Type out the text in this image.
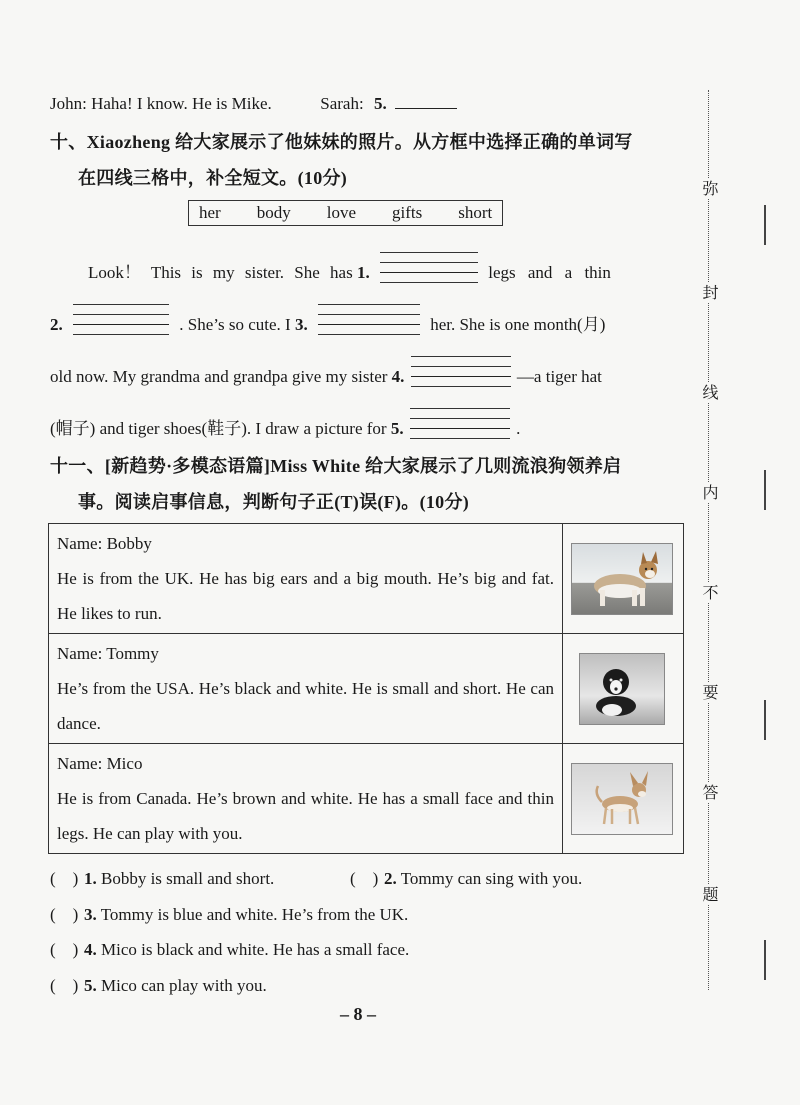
John: Haha! I know. He is Mike.	Sarah: 5.
十、Xiaozheng 给大家展示了他妹妹的照片。从方框中选择正确的单词写
在四线三格中，补全短文。(10分)
her body love gifts short
Look！ This is my sister. She has 1.	legs and a thin
2.	. She’s so cute. I 3.	her. She is one month(月)
old now. My grandma and grandpa give my sister 4.	—a tiger hat
(帽子) and tiger shoes(鞋子). I draw a picture for 5.	.
十一、[新趋势·多模态语篇]Miss White 给大家展示了几则流浪狗领养启
事。阅读启事信息，判断句子正(T)误(F)。(10分)
Name: Bobby
He is from the UK. He has big ears and a big mouth. He’s big and fat. He likes to run.

Name: Tommy
He’s from the USA. He’s black and white. He is small and short. He can dance.

Name: Mico
He is from Canada. He’s brown and white. He has a small face and thin legs. He can play with you.

(　) 1. Bobby is small and short.	(　) 2. Tommy can sing with you.
(　) 3. Tommy is blue and white. He’s from the UK.
(　) 4. Mico is black and white. He has a small face.
(　) 5. Mico can play with you.
– 8 –
弥
封
线
内
不
要
答
题
